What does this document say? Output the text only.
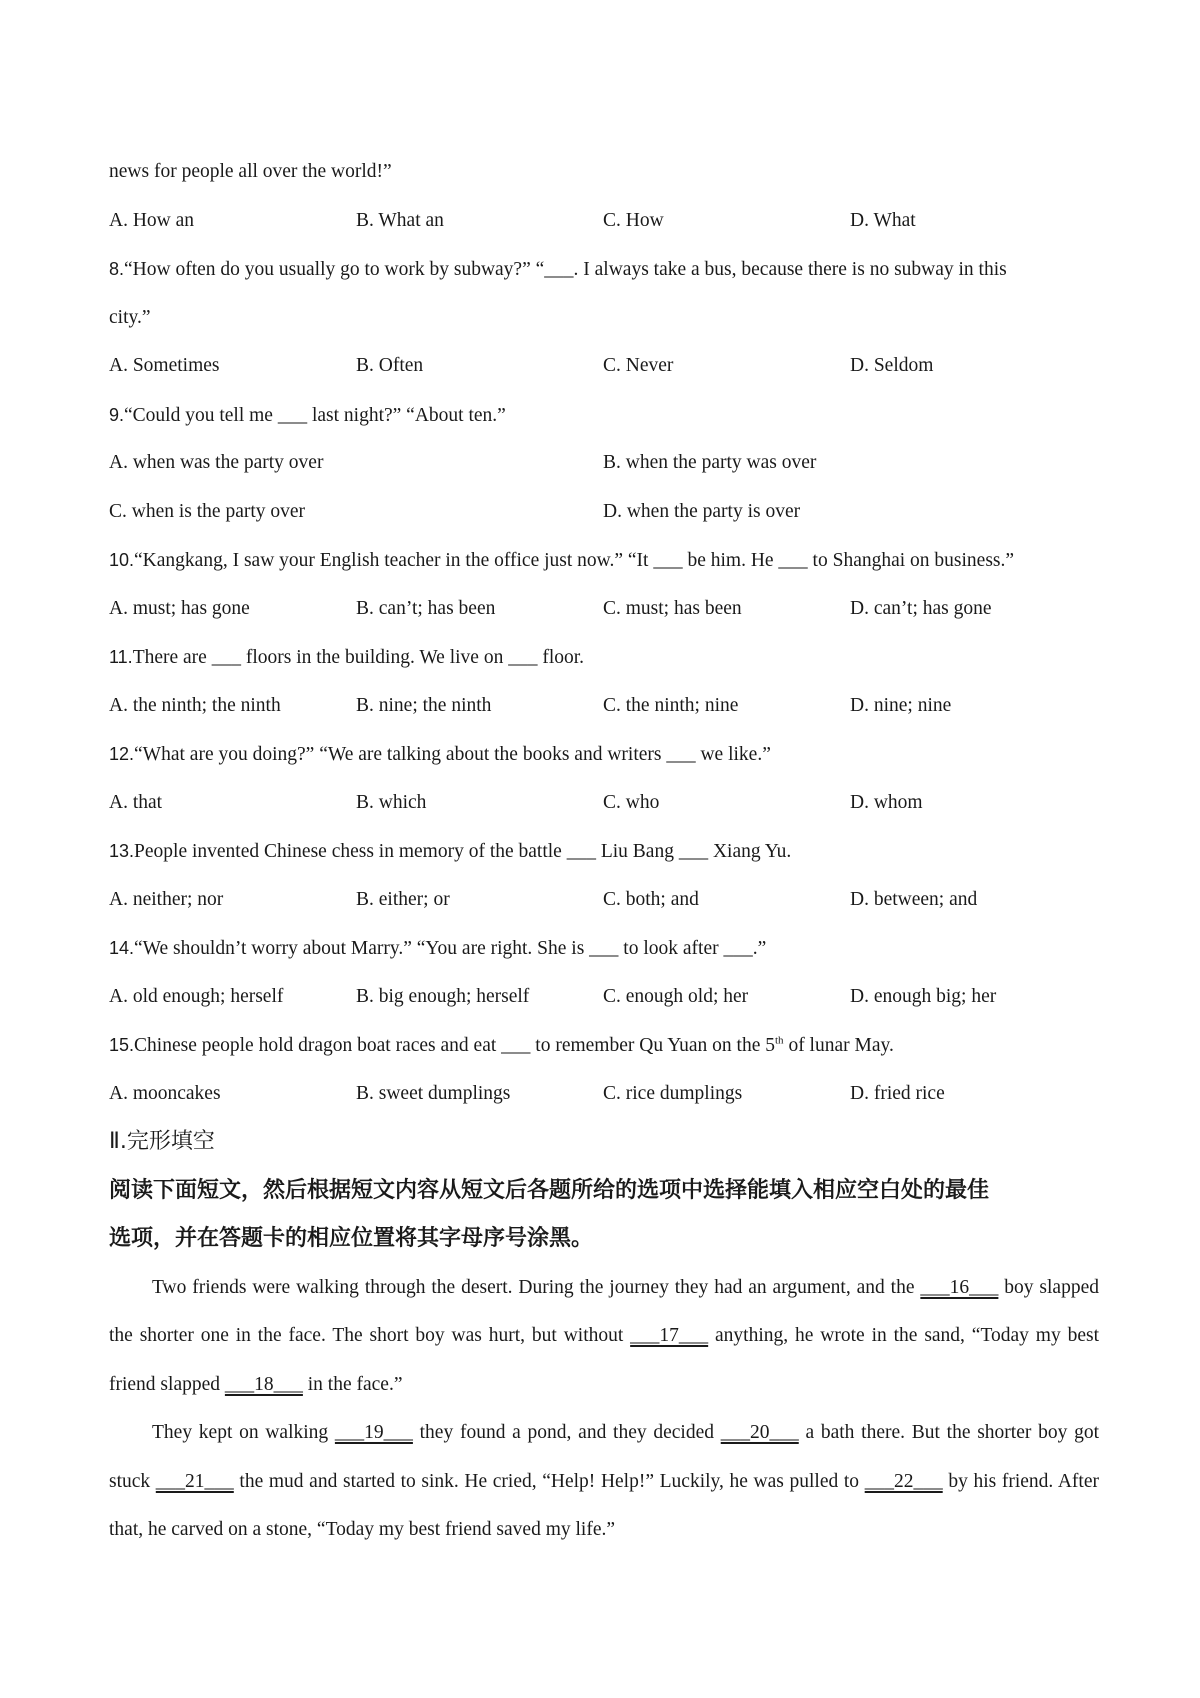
news for people all over the world!”
A. How an	B. What an	C. How	D. What
8.“How often do you usually go to work by subway?” “___. I always take a bus, because there is no subway in this
city.”
A. Sometimes	B. Often	C. Never	D. Seldom
9.“Could you tell me ___ last night?” “About ten.”
A. when was the party over	B. when the party was over
C. when is the party over	D. when the party is over
10.“Kangkang, I saw your English teacher in the office just now.” “It ___ be him. He ___ to Shanghai on business.”
A. must; has gone	B. can’t; has been	C. must; has been	D. can’t; has gone
11.There are ___ floors in the building. We live on ___ floor.
A. the ninth; the ninth	B. nine; the ninth	C. the ninth; nine	D. nine; nine
12.“What are you doing?” “We are talking about the books and writers ___ we like.”
A. that	B. which	C. who	D. whom
13.People invented Chinese chess in memory of the battle ___ Liu Bang ___ Xiang Yu.
A. neither; nor	B. either; or	C. both; and	D. between; and
14.“We shouldn’t worry about Marry.” “You are right. She is ___ to look after ___.”
A. old enough; herself	B. big enough; herself	C. enough old; her	D. enough big; her
15.Chinese people hold dragon boat races and eat ___ to remember Qu Yuan on the 5th of lunar May.
A. mooncakes	B. sweet dumplings	C. rice dumplings	D. fried rice
Ⅱ.完形填空
阅读下面短文，然后根据短文内容从短文后各题所给的选项中选择能填入相应空白处的最佳
选项，并在答题卡的相应位置将其字母序号涂黑。

Two friends were walking through the desert. During the journey they had an argument, and the ___16___ boy slapped the shorter one in the face. The short boy was hurt, but without ___17___ anything, he wrote in the sand, “Today my best friend slapped ___18___ in the face.”

They kept on walking ___19___ they found a pond, and they decided ___20___ a bath there. But the shorter boy got stuck ___21___ the mud and started to sink. He cried, “Help! Help!” Luckily, he was pulled to ___22___ by his friend. After that, he carved on a stone, “Today my best friend saved my life.”
